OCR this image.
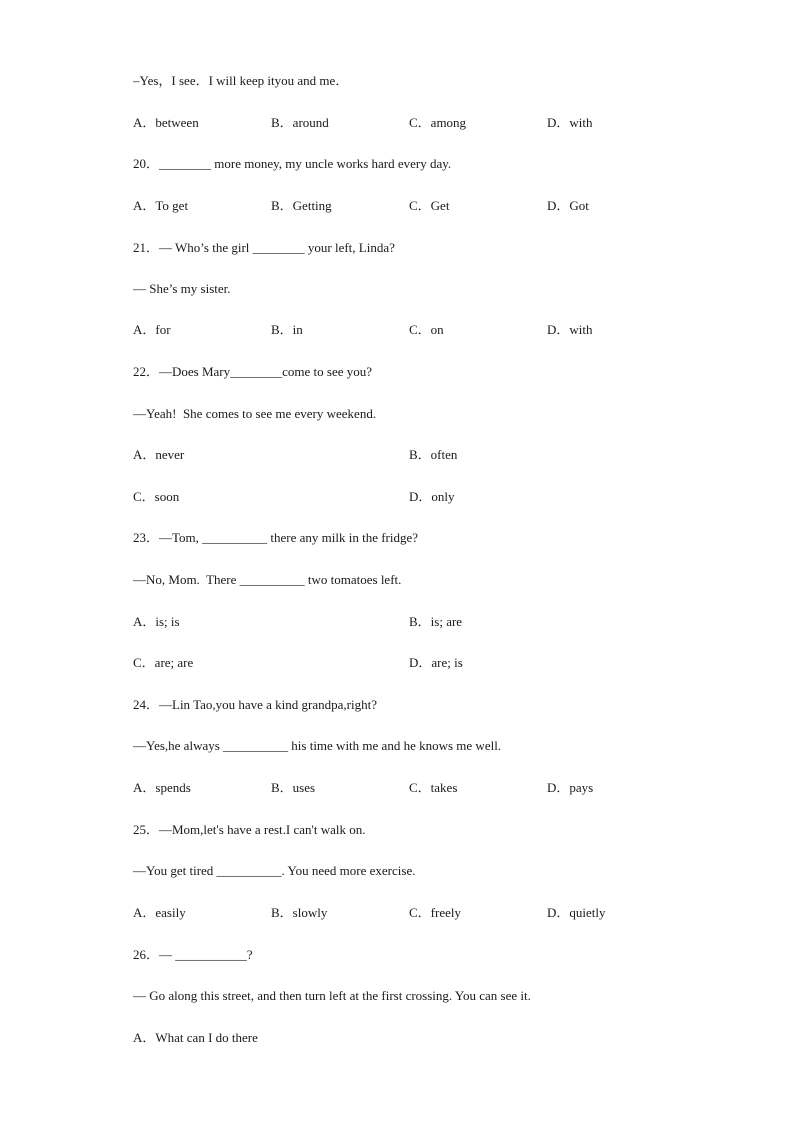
–Yes，I see．I will keep ityou and me．
A．between	B．around	C．among	D．with
20．________ more money, my uncle works hard every day.
A．To get	B．Getting	C．Get	D．Got
21．— Who’s the girl ________ your left, Linda?
— She’s my sister.
A．for	B．in	C．on	D．with
22．—Does Mary________come to see you?
—Yeah!  She comes to see me every weekend.
A．never	B．often
C．soon	D．only
23．—Tom, __________ there any milk in the fridge?
—No, Mom.  There __________ two tomatoes left.
A．is; is	B．is; are
C．are; are	D．are; is
24．—Lin Tao,you have a kind grandpa,right?
—Yes,he always __________ his time with me and he knows me well.
A．spends	B．uses	C．takes	D．pays
25．—Mom,let's have a rest.I can't walk on.
—You get tired __________. You need more exercise.
A．easily	B．slowly	C．freely	D．quietly
26．— ___________?
— Go along this street, and then turn left at the first crossing. You can see it.
A．What can I do there
